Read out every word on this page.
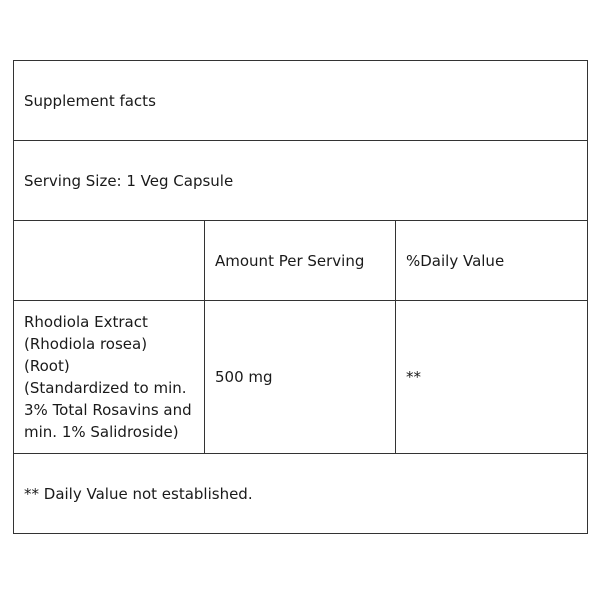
Supplement facts		
Serving Size: 1 Veg Capsule		
	Amount Per Serving	%Daily Value

Rhodiola Extract
(Rhodiola rosea) (Root)
(Standardized to min.
3% Total Rosavins and
min. 1% Salidroside)	500 mg	**
** Daily Value not established.		
